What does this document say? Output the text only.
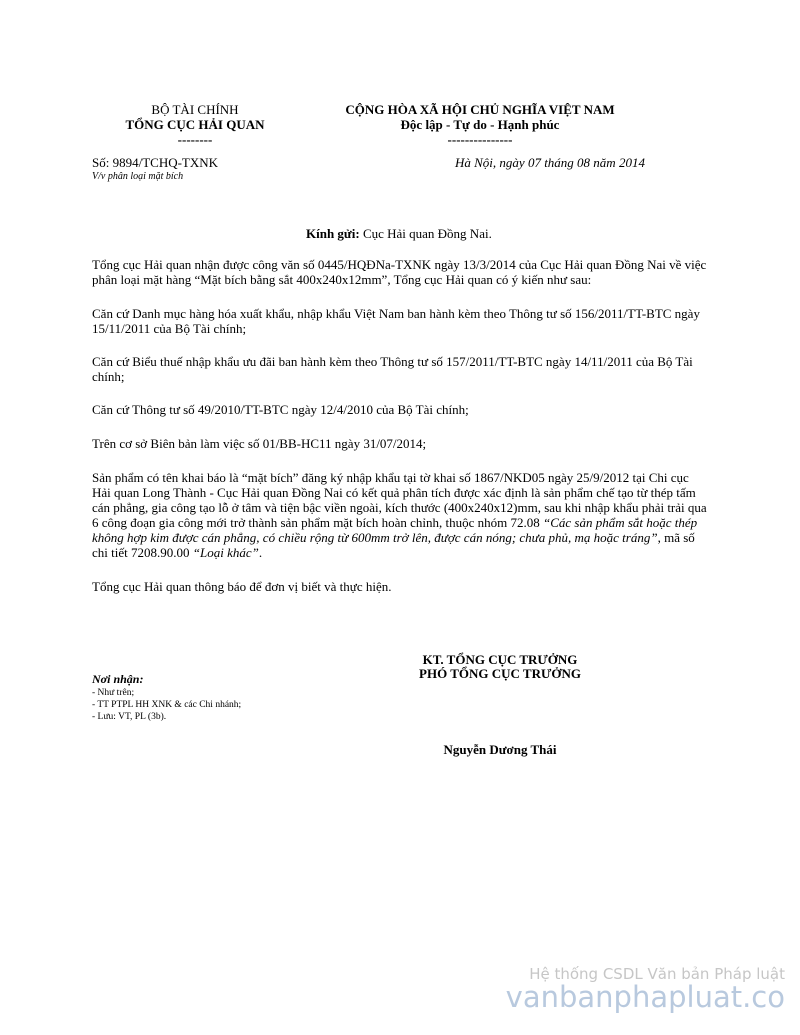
BỘ TÀI CHÍNH
TỔNG CỤC HẢI QUAN
--------
CỘNG HÒA XÃ HỘI CHỦ NGHĨA VIỆT NAM
Độc lập - Tự do - Hạnh phúc
---------------
Số: 9894/TCHQ-TXNK
V/v phân loại mặt bích
Hà Nội, ngày 07 tháng 08 năm 2014
Kính gửi: Cục Hải quan Đồng Nai.
Tổng cục Hải quan nhận được công văn số 0445/HQĐNa-TXNK ngày 13/3/2014 của Cục Hải quan Đồng Nai về việc phân loại mặt hàng “Mặt bích bằng sắt 400x240x12mm”, Tổng cục Hải quan có ý kiến như sau:
Căn cứ Danh mục hàng hóa xuất khẩu, nhập khẩu Việt Nam ban hành kèm theo Thông tư số 156/2011/TT-BTC ngày 15/11/2011 của Bộ Tài chính;
Căn cứ Biểu thuế nhập khẩu ưu đãi ban hành kèm theo Thông tư số 157/2011/TT-BTC ngày 14/11/2011 của Bộ Tài chính;
Căn cứ Thông tư số 49/2010/TT-BTC ngày 12/4/2010 của Bộ Tài chính;
Trên cơ sở Biên bản làm việc số 01/BB-HC11 ngày 31/07/2014;
Sản phẩm có tên khai báo là “mặt bích” đăng ký nhập khẩu tại tờ khai số 1867/NKD05 ngày 25/9/2012 tại Chi cục Hải quan Long Thành - Cục Hải quan Đồng Nai có kết quả phân tích được xác định là sản phẩm chế tạo từ thép tấm cán phẳng, gia công tạo lỗ ở tâm và tiện bậc viền ngoài, kích thước (400x240x12)mm, sau khi nhập khẩu phải trải qua 6 công đoạn gia công mới trở thành sản phẩm mặt bích hoàn chỉnh, thuộc nhóm 72.08 “Các sản phẩm sắt hoặc thép không hợp kim được cán phẳng, có chiều rộng từ 600mm trở lên, được cán nóng; chưa phủ, mạ hoặc tráng”, mã số chi tiết 7208.90.00 “Loại khác”.
Tổng cục Hải quan thông báo để đơn vị biết và thực hiện.
KT. TỔNG CỤC TRƯỞNG
PHÓ TỔNG CỤC TRƯỞNG
Nguyễn Dương Thái
Nơi nhận:
- Như trên;
- TT PTPL HH XNK & các Chi nhánh;
- Lưu: VT, PL (3b).
Hệ thống CSDL Văn bản Pháp luật
vanbanphapluat.co
